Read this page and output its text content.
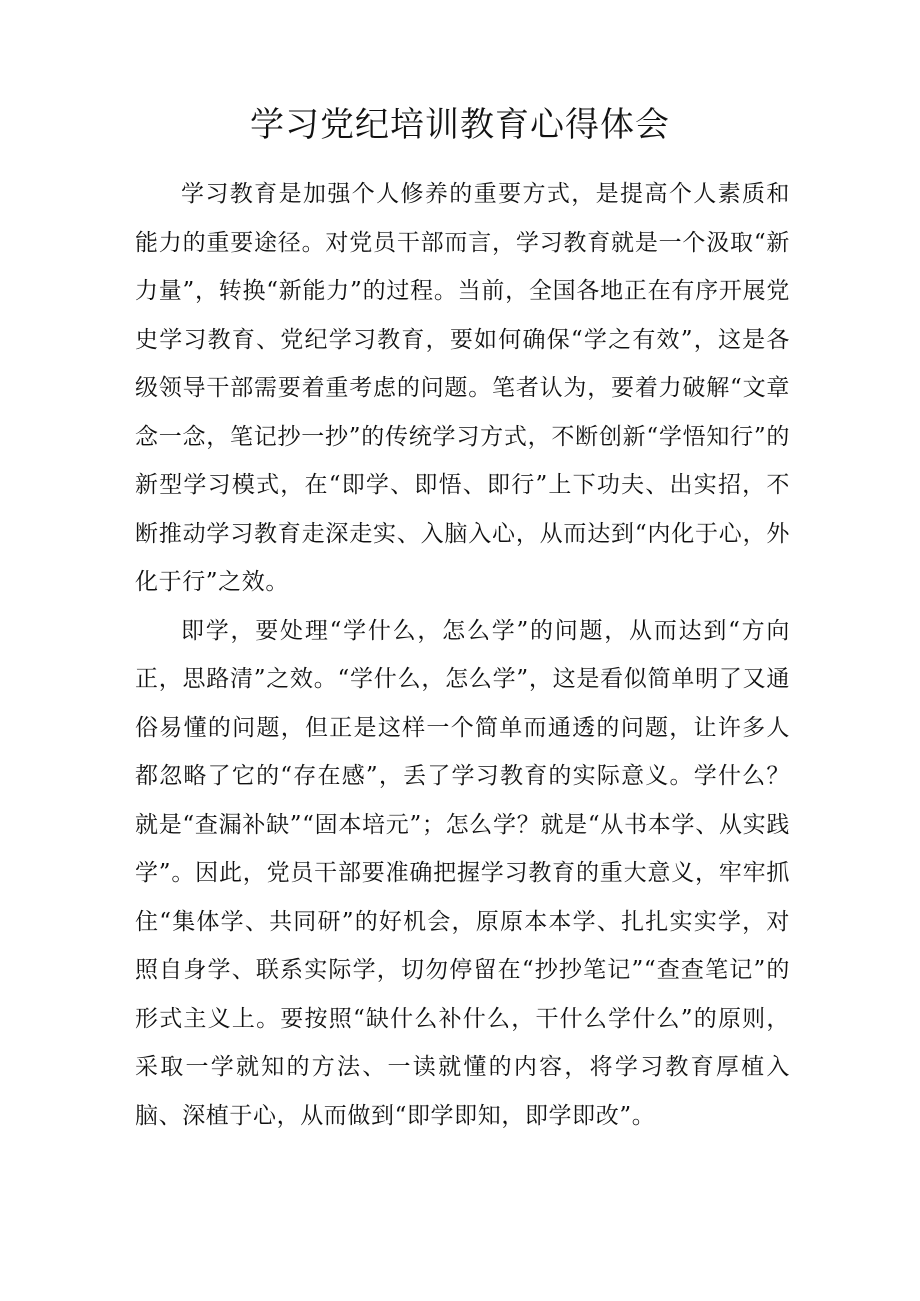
学习党纪培训教育心得体会

学习教育是加强个人修养的重要方式，是提高个人素质和能力的重要途径。对党员干部而言，学习教育就是一个汲取“新力量”，转换“新能力”的过程。当前，全国各地正在有序开展党史学习教育、党纪学习教育，要如何确保“学之有效”，这是各级领导干部需要着重考虑的问题。笔者认为，要着力破解“文章念一念，笔记抄一抄”的传统学习方式，不断创新“学悟知行”的新型学习模式，在“即学、即悟、即行”上下功夫、出实招，不断推动学习教育走深走实、入脑入心，从而达到“内化于心，外化于行”之效。

即学，要处理“学什么，怎么学”的问题，从而达到“方向正，思路清”之效。“学什么，怎么学”，这是看似简单明了又通俗易懂的问题，但正是这样一个简单而通透的问题，让许多人都忽略了它的“存在感”，丢了学习教育的实际意义。学什么？就是“查漏补缺”“固本培元”；怎么学？就是“从书本学、从实践学”。因此，党员干部要准确把握学习教育的重大意义，牢牢抓住“集体学、共同研”的好机会，原原本本学、扎扎实实学，对照自身学、联系实际学，切勿停留在“抄抄笔记”“查查笔记”的形式主义上。要按照“缺什么补什么，干什么学什么”的原则，采取一学就知的方法、一读就懂的内容，将学习教育厚植入脑、深植于心，从而做到“即学即知，即学即改”。
